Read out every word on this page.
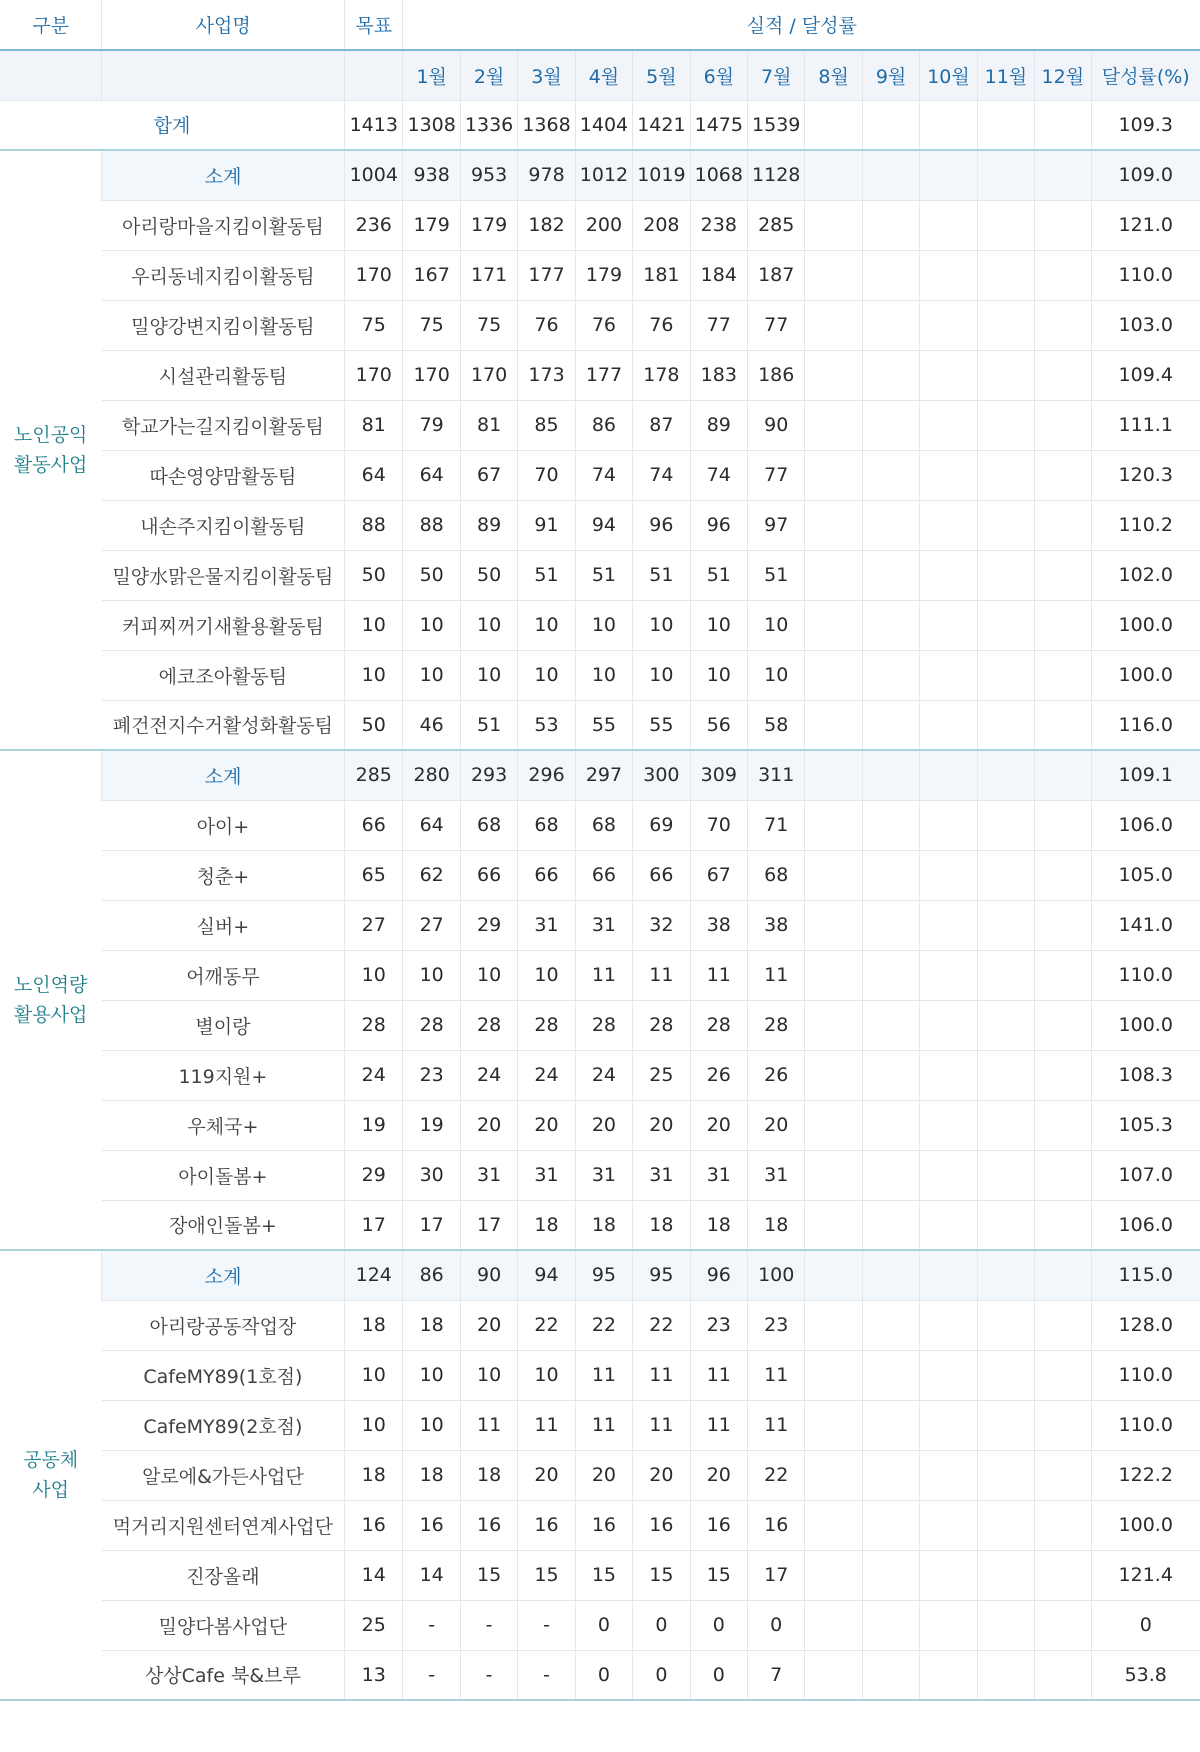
구분	사업명	목표	실적 / 달성률												
			1월	2월	3월	4월	5월	6월	7월	8월	9월	10월	11월	12월	달성률(%)
합계		1413	1308	1336	1368	1404	1421	1475	1539						109.3

노인공익
활동사업	소계	1004	938	953	978	1012	1019	1068	1128						109.0
	아리랑마을지킴이활동팀	236	179	179	182	200	208	238	285						121.0
	우리동네지킴이활동팀	170	167	171	177	179	181	184	187						110.0
	밀양강변지킴이활동팀	75	75	75	76	76	76	77	77						103.0
	시설관리활동팀	170	170	170	173	177	178	183	186						109.4
	학교가는길지킴이활동팀	81	79	81	85	86	87	89	90						111.1
	따손영양맘활동팀	64	64	67	70	74	74	74	77						120.3
	내손주지킴이활동팀	88	88	89	91	94	96	96	97						110.2
	밀양水맑은물지킴이활동팀	50	50	50	51	51	51	51	51						102.0
	커피찌꺼기새활용활동팀	10	10	10	10	10	10	10	10						100.0
	에코조아활동팀	10	10	10	10	10	10	10	10						100.0
	폐건전지수거활성화활동팀	50	46	51	53	55	55	56	58						116.0

노인역량
활용사업	소계	285	280	293	296	297	300	309	311						109.1
	아이+	66	64	68	68	68	69	70	71						106.0
	청춘+	65	62	66	66	66	66	67	68						105.0
	실버+	27	27	29	31	31	32	38	38						141.0
	어깨동무	10	10	10	10	11	11	11	11						110.0
	별이랑	28	28	28	28	28	28	28	28						100.0
	119지원+	24	23	24	24	24	25	26	26						108.3
	우체국+	19	19	20	20	20	20	20	20						105.3
	아이돌봄+	29	30	31	31	31	31	31	31						107.0
	장애인돌봄+	17	17	17	18	18	18	18	18						106.0

공동체
사업	소계	124	86	90	94	95	95	96	100						115.0
	아리랑공동작업장	18	18	20	22	22	22	23	23						128.0
	CafeMY89(1호점)	10	10	10	10	11	11	11	11						110.0
	CafeMY89(2호점)	10	10	11	11	11	11	11	11						110.0
	알로에&가든사업단	18	18	18	20	20	20	20	22						122.2
	먹거리지원센터연계사업단	16	16	16	16	16	16	16	16						100.0
	진장올래	14	14	15	15	15	15	15	17						121.4
	밀양다봄사업단	25	-	-	-	0	0	0	0						0
	상상Cafe 북&브루	13	-	-	-	0	0	0	7						53.8
